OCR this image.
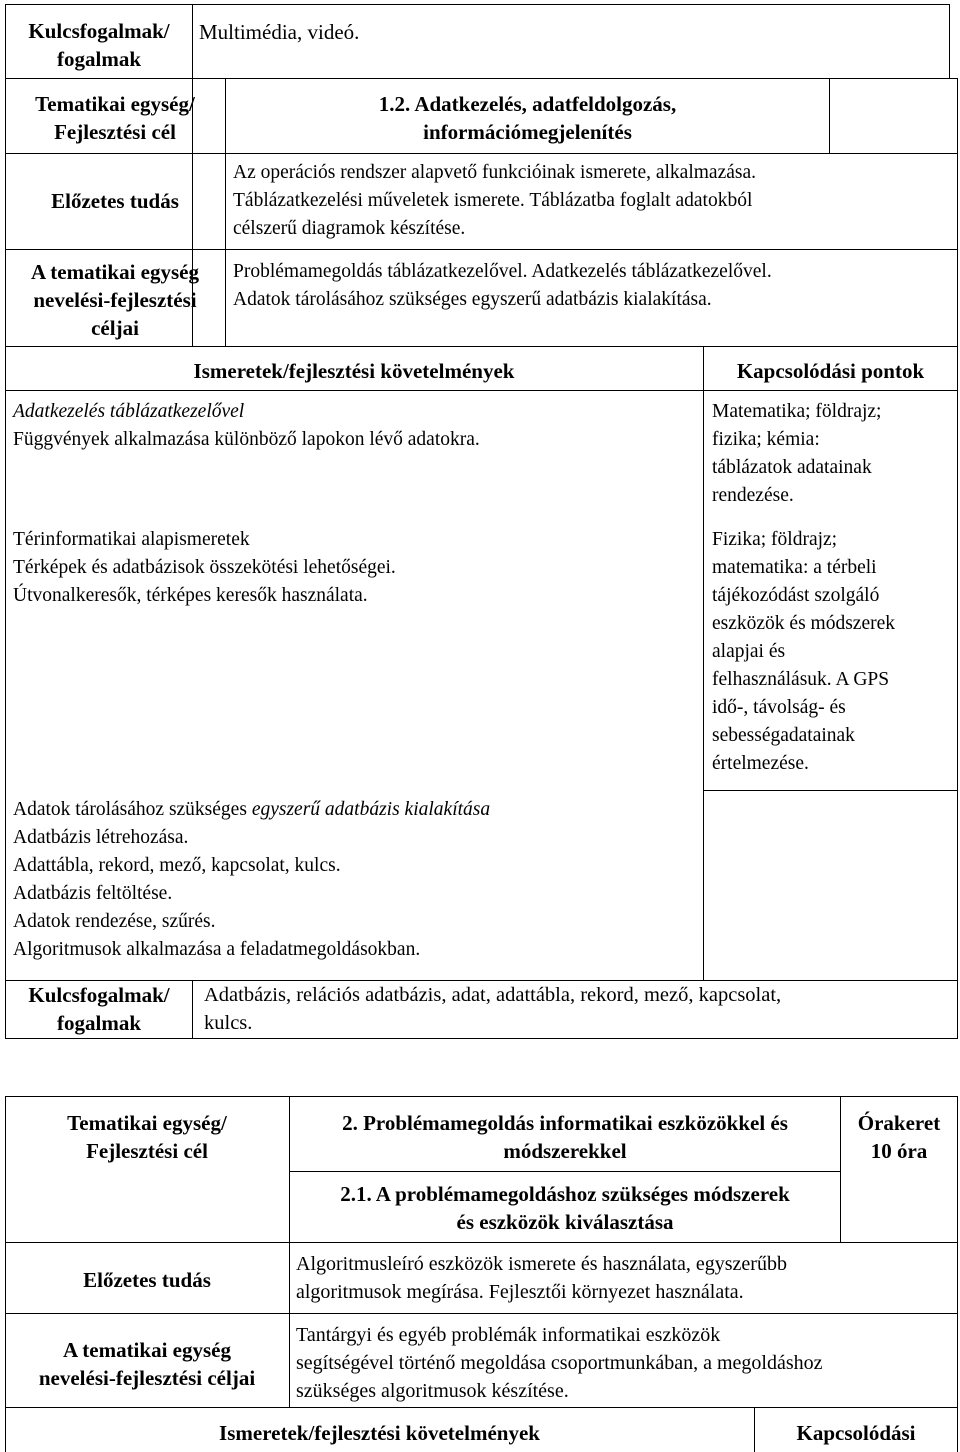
Kulcsfogalmak/
fogalmak
Multimédia, videó.
Tematikai egység/
Fejlesztési cél
1.2. Adatkezelés, adatfeldolgozás,
információmegjelenítés
Előzetes tudás
Az operációs rendszer alapvető funkcióinak ismerete, alkalmazása.
Táblázatkezelési műveletek ismerete. Táblázatba foglalt adatokból
célszerű diagramok készítése.
A tematikai egység
nevelési-fejlesztési
céljai
Problémamegoldás táblázatkezelővel. Adatkezelés táblázatkezelővel.
Adatok tárolásához szükséges egyszerű adatbázis kialakítása.
Ismeretek/fejlesztési követelmények	Kapcsolódási pontok
Adatkezelés táblázatkezelővel
Függvények alkalmazása különböző lapokon lévő adatokra.
Matematika; földrajz;
fizika; kémia:
táblázatok adatainak
rendezése.
Térinformatikai alapismeretek
Térképek és adatbázisok összekötési lehetőségei.
Útvonalkeresők, térképes keresők használata.
Fizika; földrajz;
matematika: a térbeli
tájékozódást szolgáló
eszközök és módszerek
alapjai és
felhasználásuk. A GPS
idő-, távolság- és
sebességadatainak
értelmezése.
Adatok tárolásához szükséges egyszerű adatbázis kialakítása
Adatbázis létrehozása.
Adattábla, rekord, mező, kapcsolat, kulcs.
Adatbázis feltöltése.
Adatok rendezése, szűrés.
Algoritmusok alkalmazása a feladatmegoldásokban.
Kulcsfogalmak/
fogalmak
Adatbázis, relációs adatbázis, adat, adattábla, rekord, mező, kapcsolat,
kulcs.
Tematikai egység/
Fejlesztési cél
2. Problémamegoldás informatikai eszközökkel és
módszerekkel
Órakeret
10 óra
2.1. A problémamegoldáshoz szükséges módszerek
és eszközök kiválasztása
Előzetes tudás
Algoritmusleíró eszközök ismerete és használata, egyszerűbb
algoritmusok megírása. Fejlesztői környezet használata.
A tematikai egység
nevelési-fejlesztési céljai
Tantárgyi és egyéb problémák informatikai eszközök
segítségével történő megoldása csoportmunkában, a megoldáshoz
szükséges algoritmusok készítése.
Ismeretek/fejlesztési követelmények	Kapcsolódási
